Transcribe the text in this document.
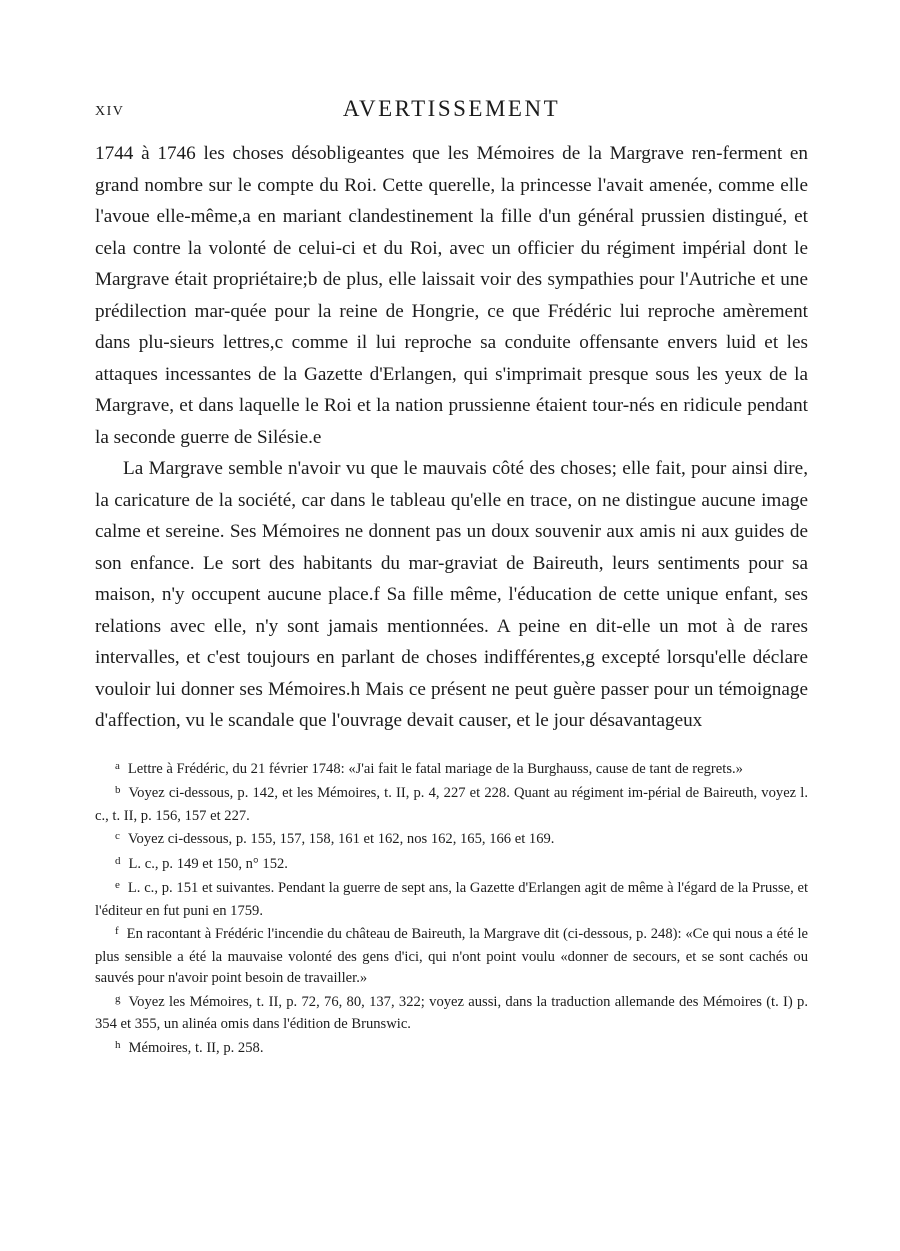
XIV	AVERTISSEMENT

1744 à 1746 les choses désobligeantes que les Mémoires de la Margrave ren-ferment en grand nombre sur le compte du Roi. Cette querelle, la princesse l'avait amenée, comme elle l'avoue elle-même,a en mariant clandestinement la fille d'un général prussien distingué, et cela contre la volonté de celui-ci et du Roi, avec un officier du régiment impérial dont le Margrave était propriétaire;b de plus, elle laissait voir des sympathies pour l'Autriche et une prédilection mar-quée pour la reine de Hongrie, ce que Frédéric lui reproche amèrement dans plu-sieurs lettres,c comme il lui reproche sa conduite offensante envers luid et les attaques incessantes de la Gazette d'Erlangen, qui s'imprimait presque sous les yeux de la Margrave, et dans laquelle le Roi et la nation prussienne étaient tour-nés en ridicule pendant la seconde guerre de Silésie.e

La Margrave semble n'avoir vu que le mauvais côté des choses; elle fait, pour ainsi dire, la caricature de la société, car dans le tableau qu'elle en trace, on ne distingue aucune image calme et sereine. Ses Mémoires ne donnent pas un doux souvenir aux amis ni aux guides de son enfance. Le sort des habitants du mar-graviat de Baireuth, leurs sentiments pour sa maison, n'y occupent aucune place.f Sa fille même, l'éducation de cette unique enfant, ses relations avec elle, n'y sont jamais mentionnées. A peine en dit-elle un mot à de rares intervalles, et c'est toujours en parlant de choses indifférentes,g excepté lorsqu'elle déclare vouloir lui donner ses Mémoires.h Mais ce présent ne peut guère passer pour un témoignage d'affection, vu le scandale que l'ouvrage devait causer, et le jour désavantageux

$^a$ Lettre à Frédéric, du 21 février 1748: «J'ai fait le fatal mariage de la Burghauss, cause de tant de regrets.»

$^b$ Voyez ci-dessous, p. 142, et les Mémoires, t. II, p. 4, 227 et 228. Quant au régiment im-périal de Baireuth, voyez l. c., t. II, p. 156, 157 et 227.

$^c$ Voyez ci-dessous, p. 155, 157, 158, 161 et 162, nos 162, 165, 166 et 169.

$^d$ L. c., p. 149 et 150, n° 152.

$^e$ L. c., p. 151 et suivantes. Pendant la guerre de sept ans, la Gazette d'Erlangen agit de même à l'égard de la Prusse, et l'éditeur en fut puni en 1759.

$^f$ En racontant à Frédéric l'incendie du château de Baireuth, la Margrave dit (ci-dessous, p. 248): «Ce qui nous a été le plus sensible a été la mauvaise volonté des gens d'ici, qui n'ont point voulu «donner de secours, et se sont cachés ou sauvés pour n'avoir point besoin de travailler.»

$^g$ Voyez les Mémoires, t. II, p. 72, 76, 80, 137, 322; voyez aussi, dans la traduction allemande des Mémoires (t. I) p. 354 et 355, un alinéa omis dans l'édition de Brunswic.

$^h$ Mémoires, t. II, p. 258.
